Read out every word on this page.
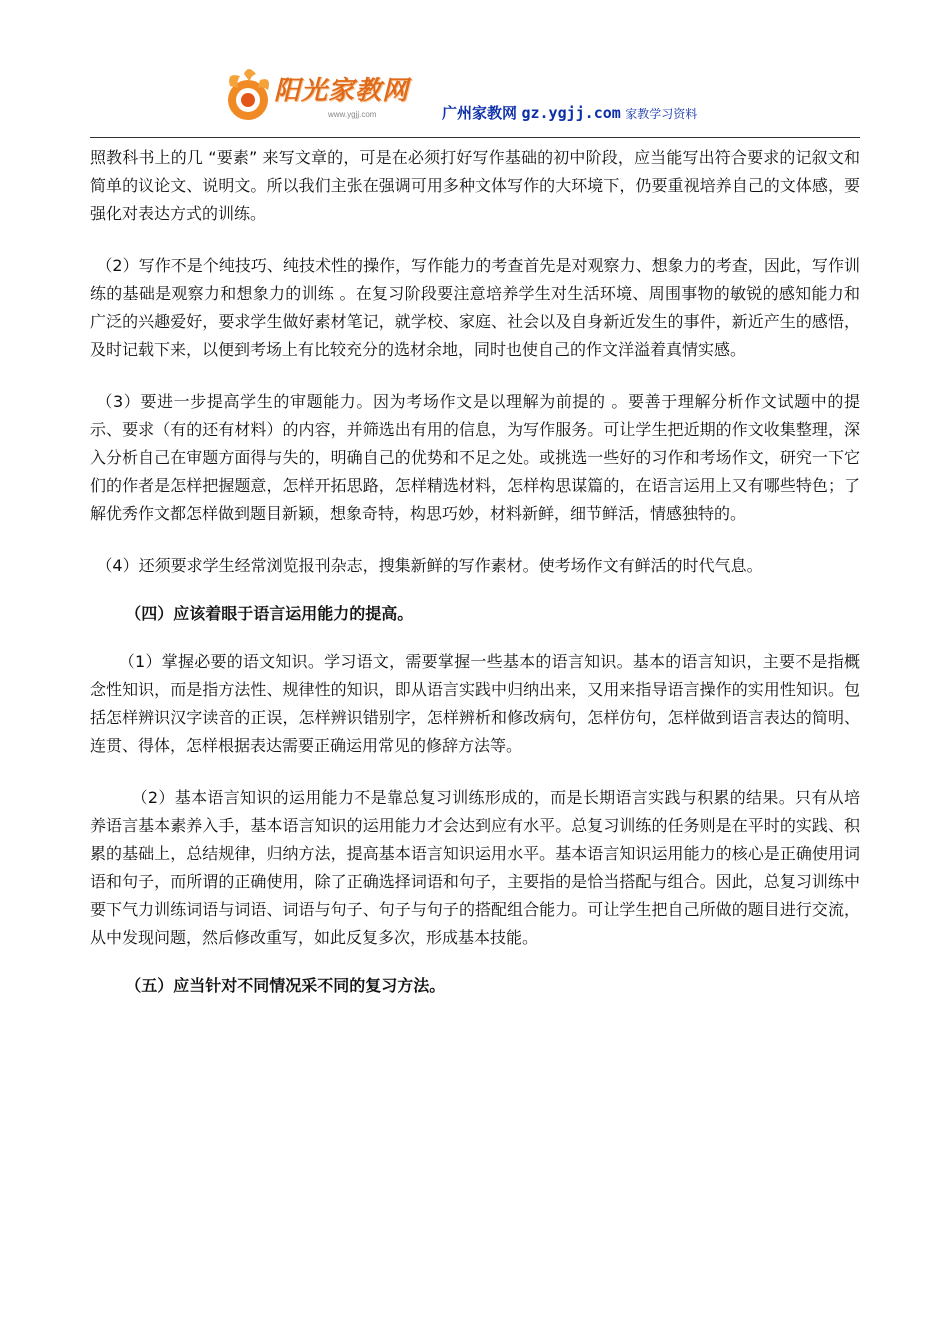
阳光家教网
www.ygjj.com	广州家教网 gz.ygjj.com 家教学习资料

照教科书上的几 “要素” 来写文章的，可是在必须打好写作基础的初中阶段，应当能写出符合要求的记叙文和简单的议论文、说明文。所以我们主张在强调可用多种文体写作的大环境下，仍要重视培养自己的文体感，要强化对表达方式的训练。

（2）写作不是个纯技巧、纯技术性的操作，写作能力的考查首先是对观察力、想象力的考查，因此，写作训练的基础是观察力和想象力的训练 。在复习阶段要注意培养学生对生活环境、周围事物的敏锐的感知能力和广泛的兴趣爱好，要求学生做好素材笔记，就学校、家庭、社会以及自身新近发生的事件，新近产生的感悟，及时记载下来，以便到考场上有比较充分的选材余地，同时也使自己的作文洋溢着真情实感。

（3）要进一步提高学生的审题能力。因为考场作文是以理解为前提的 。要善于理解分析作文试题中的提示、要求（有的还有材料）的内容，并筛选出有用的信息，为写作服务。可让学生把近期的作文收集整理，深入分析自己在审题方面得与失的，明确自己的优势和不足之处。或挑选一些好的习作和考场作文，研究一下它们的作者是怎样把握题意，怎样开拓思路，怎样精选材料，怎样构思谋篇的，在语言运用上又有哪些特色；了解优秀作文都怎样做到题目新颖，想象奇特，构思巧妙，材料新鲜，细节鲜活，情感独特的。

（4）还须要求学生经常浏览报刊杂志，搜集新鲜的写作素材。使考场作文有鲜活的时代气息。

（四）应该着眼于语言运用能力的提高。

（1）掌握必要的语文知识。学习语文，需要掌握一些基本的语言知识。基本的语言知识，主要不是指概念性知识，而是指方法性、规律性的知识，即从语言实践中归纳出来，又用来指导语言操作的实用性知识。包括怎样辨识汉字读音的正误，怎样辨识错别字，怎样辨析和修改病句，怎样仿句，怎样做到语言表达的简明、连贯、得体，怎样根据表达需要正确运用常见的修辞方法等。

（2）基本语言知识的运用能力不是靠总复习训练形成的，而是长期语言实践与积累的结果。只有从培养语言基本素养入手，基本语言知识的运用能力才会达到应有水平。总复习训练的任务则是在平时的实践、积累的基础上，总结规律，归纳方法，提高基本语言知识运用水平。基本语言知识运用能力的核心是正确使用词语和句子，而所谓的正确使用，除了正确选择词语和句子，主要指的是恰当搭配与组合。因此，总复习训练中要下气力训练词语与词语、词语与句子、句子与句子的搭配组合能力。可让学生把自己所做的题目进行交流，从中发现问题，然后修改重写，如此反复多次，形成基本技能。

（五）应当针对不同情况采不同的复习方法。
